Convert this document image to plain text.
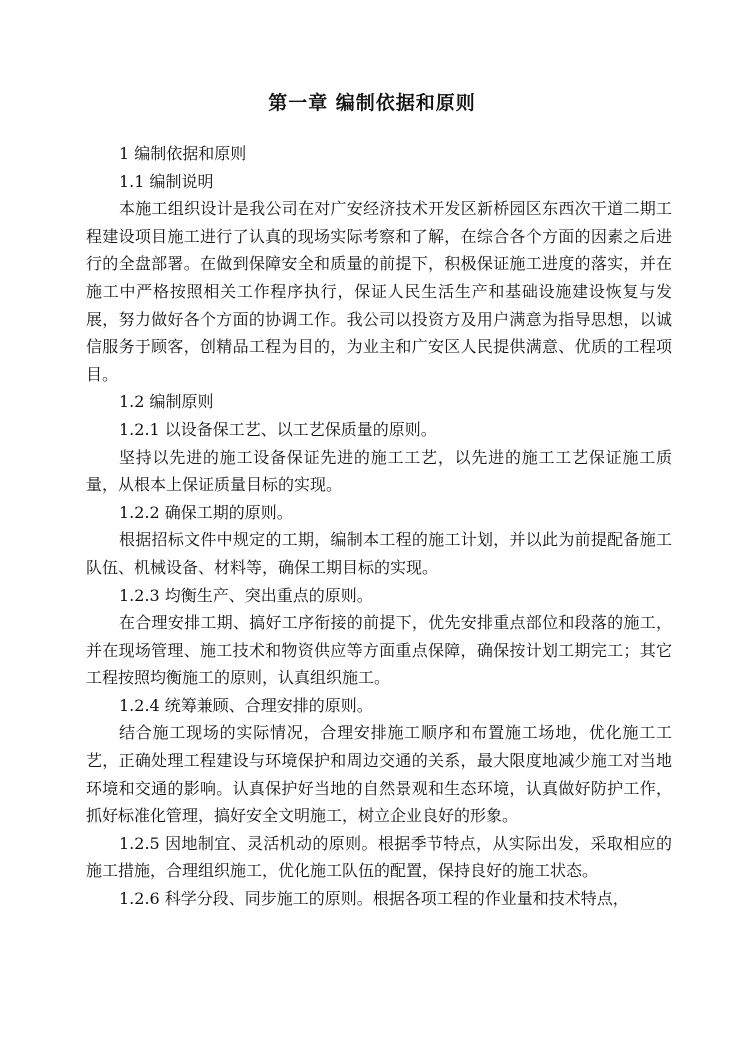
第一章 编制依据和原则

1 编制依据和原则

1.1 编制说明

本施工组织设计是我公司在对广安经济技术开发区新桥园区东西次干道二期工程建设项目施工进行了认真的现场实际考察和了解，在综合各个方面的因素之后进行的全盘部署。在做到保障安全和质量的前提下，积极保证施工进度的落实，并在施工中严格按照相关工作程序执行，保证人民生活生产和基础设施建设恢复与发展，努力做好各个方面的协调工作。我公司以投资方及用户满意为指导思想，以诚信服务于顾客，创精品工程为目的，为业主和广安区人民提供满意、优质的工程项目。

1.2 编制原则

1.2.1 以设备保工艺、以工艺保质量的原则。

坚持以先进的施工设备保证先进的施工工艺，以先进的施工工艺保证施工质量，从根本上保证质量目标的实现。

1.2.2 确保工期的原则。

根据招标文件中规定的工期，编制本工程的施工计划，并以此为前提配备施工队伍、机械设备、材料等，确保工期目标的实现。

1.2.3 均衡生产、突出重点的原则。

在合理安排工期、搞好工序衔接的前提下，优先安排重点部位和段落的施工，并在现场管理、施工技术和物资供应等方面重点保障，确保按计划工期完工；其它工程按照均衡施工的原则，认真组织施工。

1.2.4 统筹兼顾、合理安排的原则。

结合施工现场的实际情况，合理安排施工顺序和布置施工场地，优化施工工艺，正确处理工程建设与环境保护和周边交通的关系，最大限度地减少施工对当地环境和交通的影响。认真保护好当地的自然景观和生态环境，认真做好防护工作，抓好标准化管理，搞好安全文明施工，树立企业良好的形象。

1.2.5 因地制宜、灵活机动的原则。根据季节特点，从实际出发，采取相应的施工措施，合理组织施工，优化施工队伍的配置，保持良好的施工状态。

1.2.6 科学分段、同步施工的原则。根据各项工程的作业量和技术特点，
